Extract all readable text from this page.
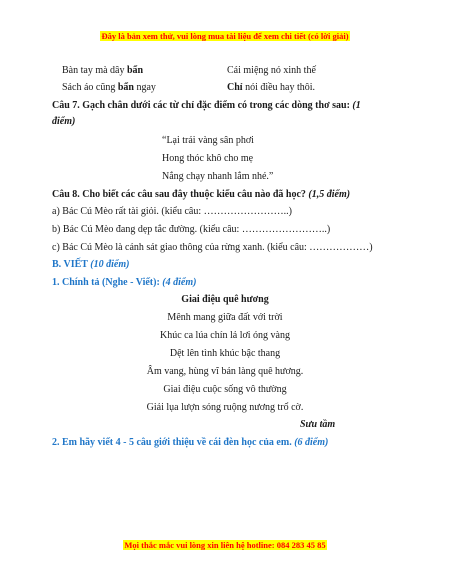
Đây là bản xem thử, vui lòng mua tài liệu để xem chi tiết (có lời giải)
Bàn tay mà dây bẩn	Cái miệng nó xinh thế
Sách áo cũng bẩn ngay	Chỉ nói điều hay thôi.
Câu 7. Gạch chân dưới các từ chỉ đặc điểm có trong các dòng thơ sau: (1
điểm)
“Lại trải vàng sân phơi
Hong thóc khô cho mẹ
Nắng chạy nhanh lắm nhé.”
Câu 8. Cho biết các câu sau đây thuộc kiểu câu nào đã học? (1,5 điểm)
a) Bác Cú Mèo rất tài giỏi. (kiểu câu: ……………………..)
b) Bác Cú Mèo đang dẹp tắc đường. (kiểu câu: ……………………..)
c) Bác Cú Mèo là cảnh sát giao thông của rừng xanh. (kiểu câu: ………………)
B. VIẾT (10 điểm)
1. Chính tả (Nghe - Viết): (4 điểm)
Giai điệu quê hương
Mênh mang giữa đất với trời
Khúc ca lúa chín lả lơi óng vàng
Dệt lên tình khúc bậc thang
Âm vang, hùng vĩ bản làng quê hương.
Giai điệu cuộc sống vô thường
Giải lụa lượn sóng ruộng nương trổ cờ.
Sưu tầm
2. Em hãy viết 4 - 5 câu giới thiệu về cái đèn học của em. (6 điểm)
Mọi thắc mắc vui lòng xin liên hệ hotline: 084 283 45 85
